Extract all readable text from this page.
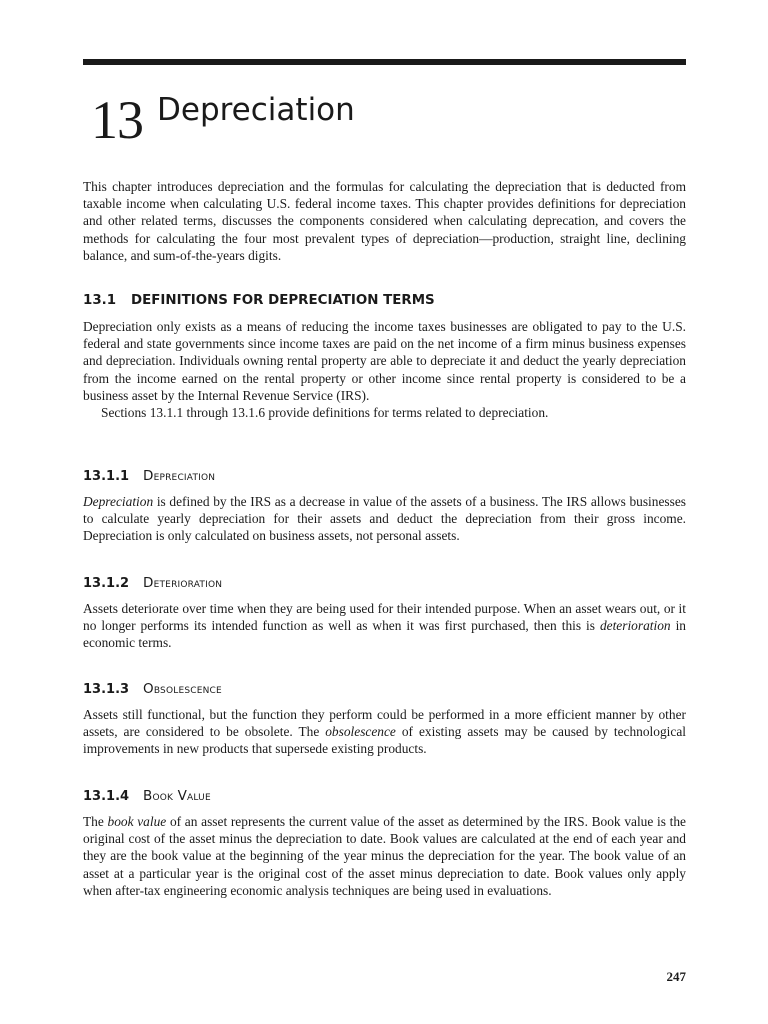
13 Depreciation

This chapter introduces depreciation and the formulas for calculating the depreciation that is deducted from taxable income when calculating U.S. federal income taxes. This chapter provides definitions for depreciation and other related terms, discusses the components considered when calculating deprecation, and covers the methods for calculating the four most prevalent types of depreciation—production, straight line, declining balance, and sum-of-the-years digits.

13.1 DEFINITIONS FOR DEPRECIATION TERMS

Depreciation only exists as a means of reducing the income taxes businesses are obligated to pay to the U.S. federal and state governments since income taxes are paid on the net income of a firm minus business expenses and depreciation. Individuals owning rental property are able to depreciate it and deduct the yearly depreciation from the income earned on the rental property or other income since rental property is considered to be a business asset by the Internal Revenue Service (IRS).

Sections 13.1.1 through 13.1.6 provide definitions for terms related to depreciation.

13.1.1 Depreciation

Depreciation is defined by the IRS as a decrease in value of the assets of a business. The IRS allows businesses to calculate yearly depreciation for their assets and deduct the depreciation from their gross income. Depreciation is only calculated on business assets, not personal assets.

13.1.2 Deterioration

Assets deteriorate over time when they are being used for their intended purpose. When an asset wears out, or it no longer performs its intended function as well as when it was first purchased, then this is deterioration in economic terms.

13.1.3 Obsolescence

Assets still functional, but the function they perform could be performed in a more efficient manner by other assets, are considered to be obsolete. The obsolescence of existing assets may be caused by technological improvements in new products that supersede existing products.

13.1.4 Book Value

The book value of an asset represents the current value of the asset as determined by the IRS. Book value is the original cost of the asset minus the depreciation to date. Book values are calculated at the end of each year and they are the book value at the beginning of the year minus the depreciation for the year. The book value of an asset at a particular year is the original cost of the asset minus depreciation to date. Book values only apply when after-tax engineering economic analysis techniques are being used in evaluations.

247
